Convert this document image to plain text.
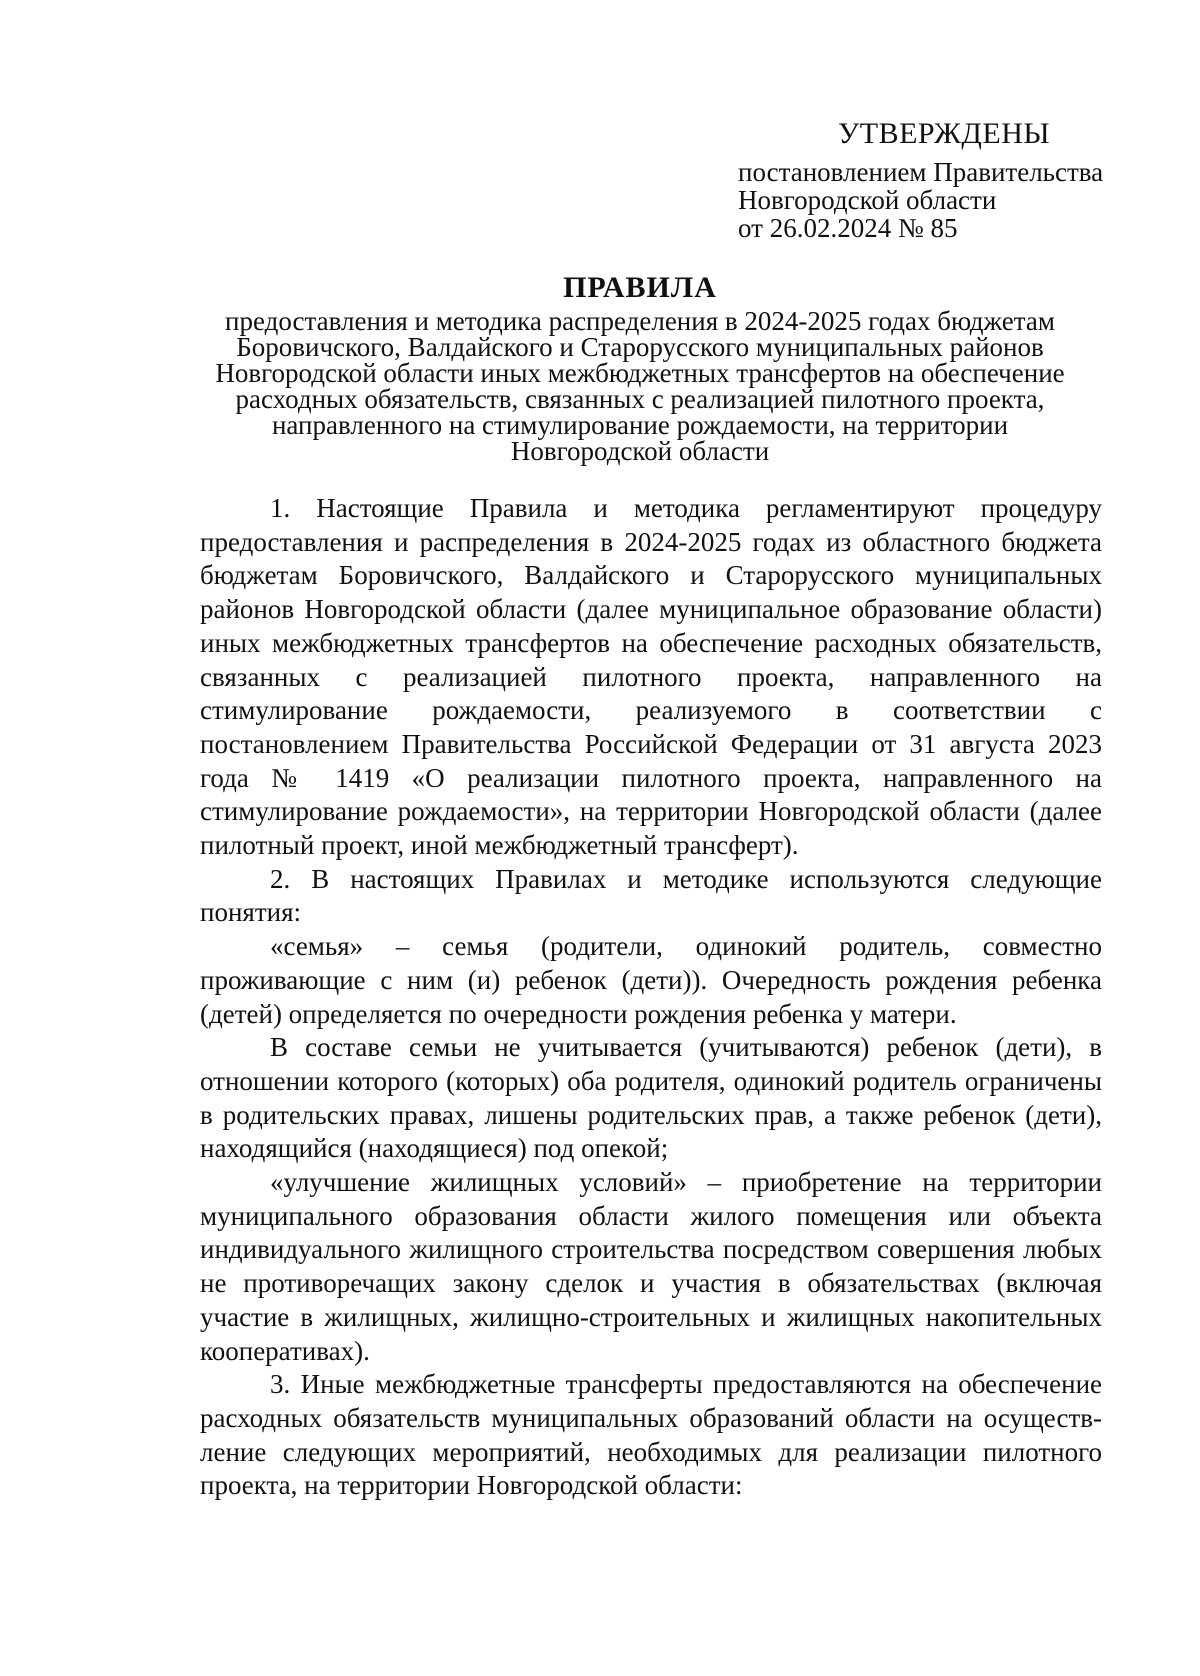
УТВЕРЖДЕНЫ
постановлением Правительства
Новгородской области
от 26.02.2024 № 85
ПРАВИЛА
предоставления и методика распределения в 2024-2025 годах бюджетам
Боровичского, Валдайского и Старорусского муниципальных районов
Новгородской области иных межбюджетных трансфертов на обеспечение
расходных обязательств, связанных с реализацией пилотного проекта,
направленного на стимулирование рождаемости, на территории
Новгородской области

1. Настоящие Правила и методика регламентируют процедуру предоставления и распределения в 2024-2025 годах из областного бюджета бюджетам Боровичского, Валдайского и Старорусского муниципальных районов Новгородской области (далее муниципальное образование области) иных межбюджетных трансфертов на обеспечение расходных обязательств, связанных с реализацией пилотного проекта, направленного на стимулирование рождаемости, реализуемого в соответствии с постановлением Правительства Российской Федерации от 31 августа 2023 года № 1419 «О реализации пилотного проекта, направленного на стимулирование рождаемости», на территории Новгородской области (далее пилотный проект, иной межбюджетный трансферт).

2. В настоящих Правилах и методике используются следующие понятия:

«семья» – семья (родители, одинокий родитель, совместно проживающие с ним (и) ребенок (дети)). Очередность рождения ребенка (детей) определяется по очередности рождения ребенка у матери.

В составе семьи не учитывается (учитываются) ребенок (дети), в отношении которого (которых) оба родителя, одинокий родитель ограничены в родительских правах, лишены родительских прав, а также ребенок (дети), находящийся (находящиеся) под опекой;

«улучшение жилищных условий» – приобретение на территории муниципального образования области жилого помещения или объекта индивидуального жилищного строительства посредством совершения любых не противоречащих закону сделок и участия в обязательствах (включая участие в жилищных, жилищно-строительных и жилищных накопительных кооперативах).

3. Иные межбюджетные трансферты предоставляются на обеспечение расходных обязательств муниципальных образований области на осуществление следующих мероприятий, необходимых для реализации пилотного проекта, на территории Новгородской области:
